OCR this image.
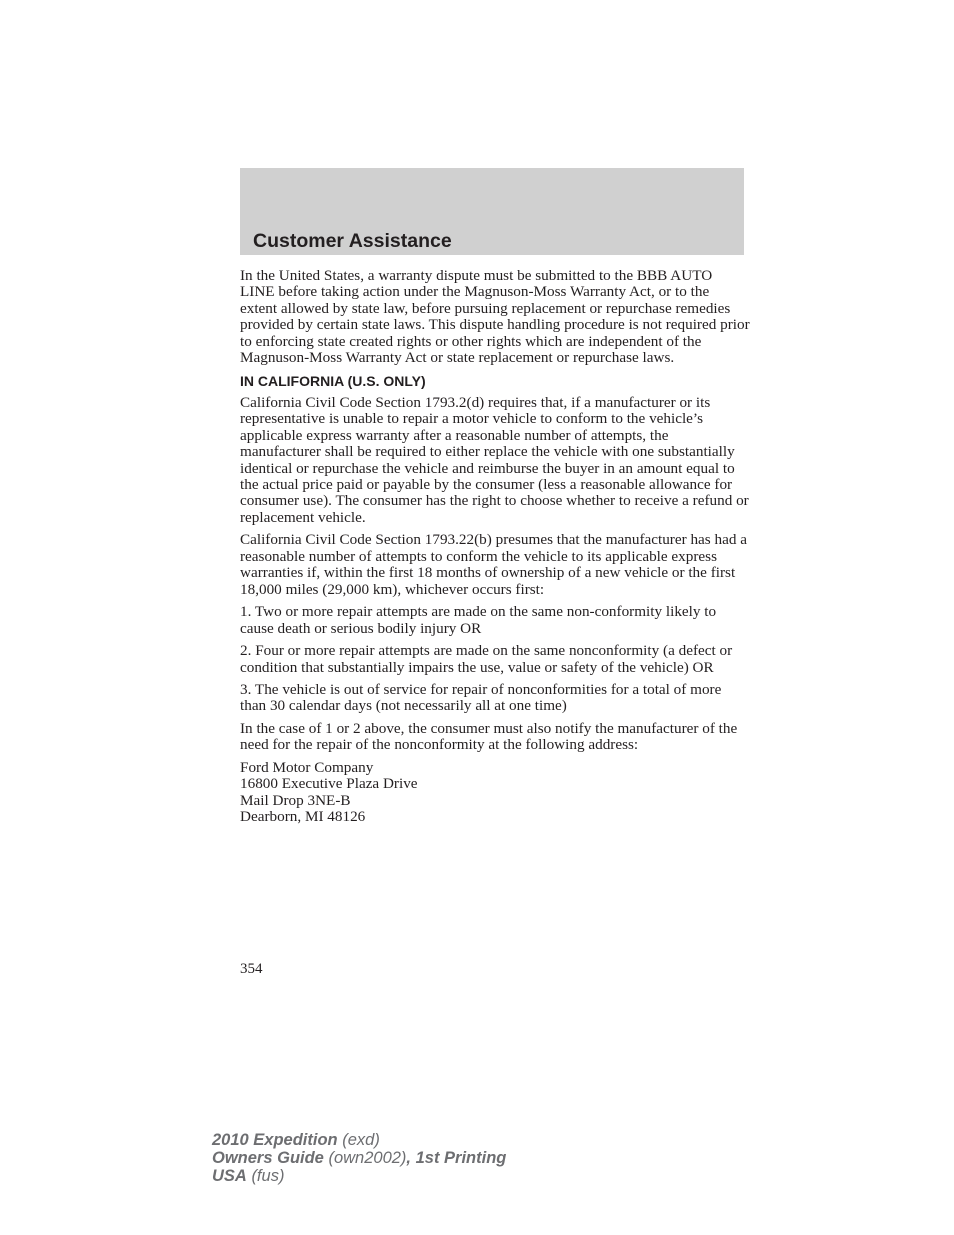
Customer Assistance

In the United States, a warranty dispute must be submitted to the BBB AUTO LINE before taking action under the Magnuson-Moss Warranty Act, or to the extent allowed by state law, before pursuing replacement or repurchase remedies provided by certain state laws. This dispute handling procedure is not required prior to enforcing state created rights or other rights which are independent of the Magnuson-Moss Warranty Act or state replacement or repurchase laws.

IN CALIFORNIA (U.S. ONLY)

California Civil Code Section 1793.2(d) requires that, if a manufacturer or its representative is unable to repair a motor vehicle to conform to the vehicle’s applicable express warranty after a reasonable number of attempts, the manufacturer shall be required to either replace the vehicle with one substantially identical or repurchase the vehicle and reimburse the buyer in an amount equal to the actual price paid or payable by the consumer (less a reasonable allowance for consumer use). The consumer has the right to choose whether to receive a refund or replacement vehicle.

California Civil Code Section 1793.22(b) presumes that the manufacturer has had a reasonable number of attempts to conform the vehicle to its applicable express warranties if, within the first 18 months of ownership of a new vehicle or the first 18,000 miles (29,000 km), whichever occurs first:

1. Two or more repair attempts are made on the same non-conformity likely to cause death or serious bodily injury OR

2. Four or more repair attempts are made on the same nonconformity (a defect or condition that substantially impairs the use, value or safety of the vehicle) OR

3. The vehicle is out of service for repair of nonconformities for a total of more than 30 calendar days (not necessarily all at one time)

In the case of 1 or 2 above, the consumer must also notify the manufacturer of the need for the repair of the nonconformity at the following address:

Ford Motor Company
16800 Executive Plaza Drive
Mail Drop 3NE-B
Dearborn, MI 48126

354
2010 Expedition (exd)
Owners Guide (own2002), 1st Printing
USA (fus)
